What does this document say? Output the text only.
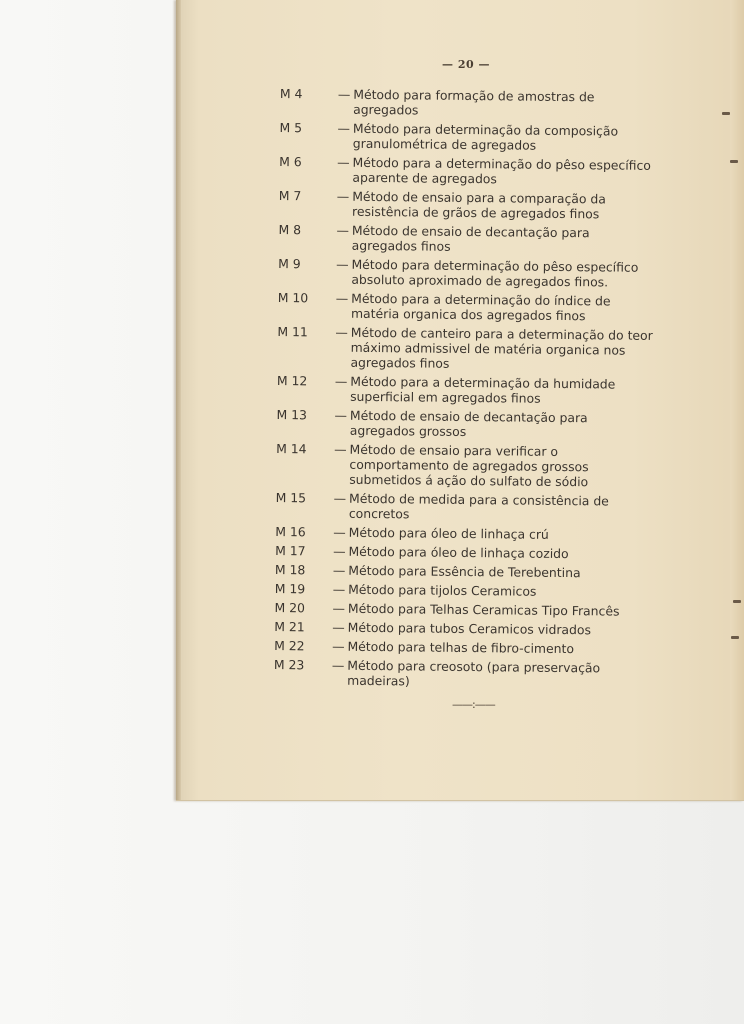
— 20 —
M 4	— Método para formação de amostras de agregados
M 5	— Método para determinação da composição granulométrica de agregados
M 6	— Método para a determinação do pêso específico aparente de agregados
M 7	— Método de ensaio para a comparação da resistência de grãos de agregados finos
M 8	— Método de ensaio de decantação para agregados finos
M 9	— Método para determinação do pêso específico absoluto aproximado de agregados finos.
M 10	— Método para a determinação do índice de matéria organica dos agregados finos
M 11	— Método de canteiro para a determinação do teor máximo admissivel de matéria organica nos agregados finos
M 12	— Método para a determinação da humidade superficial em agregados finos
M 13	— Método de ensaio de decantação para agregados grossos
M 14	— Método de ensaio para verificar o comportamento de agregados grossos submetidos á ação do sulfato de sódio
M 15	— Método de medida para a consistência de concretos
M 16	— Método para óleo de linhaça crú
M 17	— Método para óleo de linhaça cozido
M 18	— Método para Essência de Terebentina
M 19	— Método para tijolos Ceramicos
M 20	— Método para Telhas Ceramicas Tipo Francês
M 21	— Método para tubos Ceramicos vidrados
M 22	— Método para telhas de fibro-cimento
M 23	— Método para creosoto (para preservação madeiras)
——:——
